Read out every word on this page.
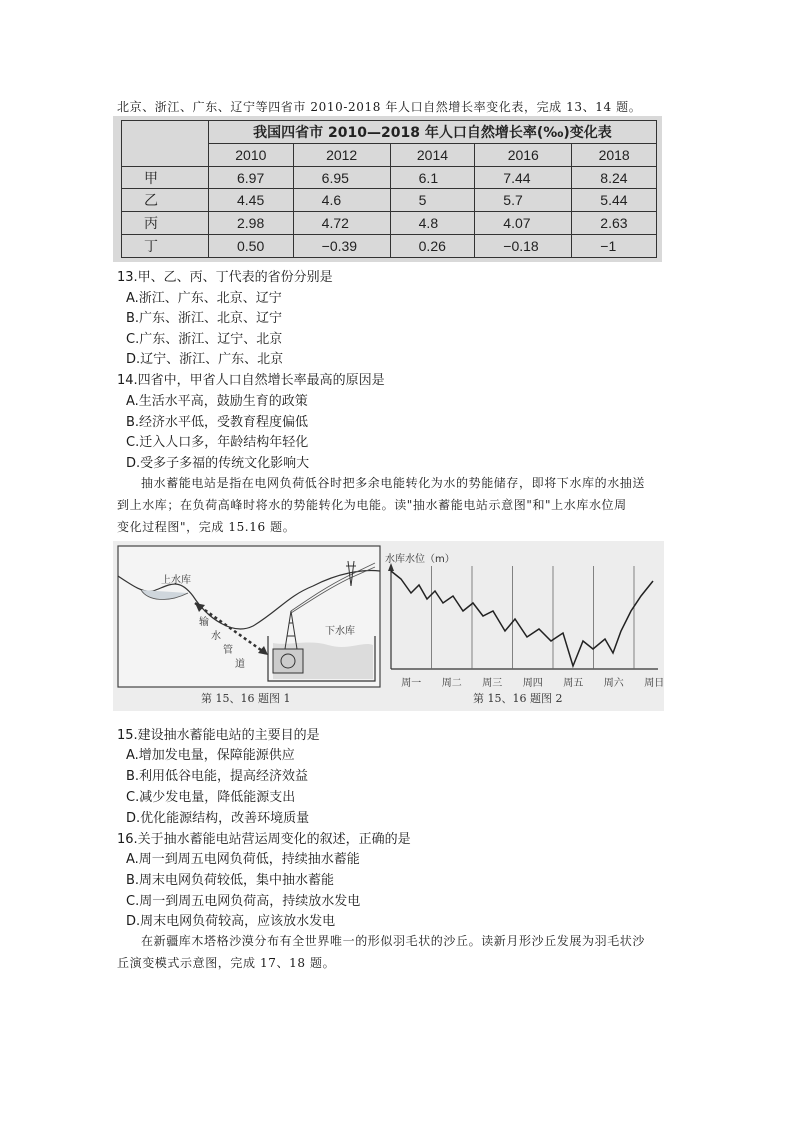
北京、浙江、广东、辽宁等四省市 2010-2018 年人口自然增长率变化表，完成 13、14 题。
	我国四省市 2010—2018 年人口自然增长率(‰)变化表				
	2010	2012	2014	2016	2018
甲	6.97	6.95	6.1	7.44	8.24
乙	4.45	4.6	5	5.7	5.44
丙	2.98	4.72	4.8	4.07	2.63
丁	0.50	−0.39	0.26	−0.18	−1
13.甲、乙、丙、丁代表的省份分别是
A.浙江、广东、北京、辽宁
B.广东、浙江、北京、辽宁
C.广东、浙江、辽宁、北京
D.辽宁、浙江、广东、北京
14.四省中，甲省人口自然增长率最高的原因是
A.生活水平高，鼓励生育的政策
B.经济水平低，受教育程度偏低
C.迁入人口多，年龄结构年轻化
D.受多子多福的传统文化影响大
抽水蓄能电站是指在电网负荷低谷时把多余电能转化为水的势能储存，即将下水库的水抽送
到上水库；在负荷高峰时将水的势能转化为电能。读"抽水蓄能电站示意图"和"上水库水位周
变化过程图"，完成 15.16 题。
上水库
下水库
输
水
管
道
第 15、16 题图 1
水库水位（m）
周一 周二 周三 周四 周五 周六 周日
第 15、16 题图 2
15.建设抽水蓄能电站的主要目的是
A.增加发电量，保障能源供应
B.利用低谷电能，提高经济效益
C.减少发电量，降低能源支出
D.优化能源结构，改善环境质量
16.关于抽水蓄能电站营运周变化的叙述，正确的是
A.周一到周五电网负荷低，持续抽水蓄能
B.周末电网负荷较低，集中抽水蓄能
C.周一到周五电网负荷高，持续放水发电
D.周末电网负荷较高，应该放水发电
在新疆库木塔格沙漠分布有全世界唯一的形似羽毛状的沙丘。读新月形沙丘发展为羽毛状沙
丘演变模式示意图，完成 17、18 题。
